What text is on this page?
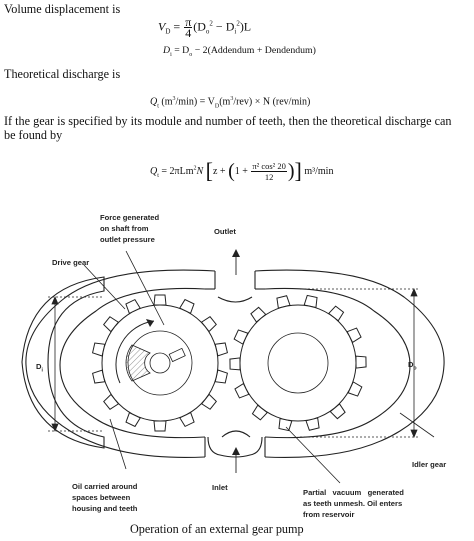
Volume displacement is
$V_D = \frac{\pi}{4} (D_o^2 - D_i^2)L$
$D_i = D_o$ − 2(Addendum + Dendendum)
Theoretical discharge is
$Q_t$ $(m^3/\min) = V_D(m^3/rev) \times N$ (rev/min)
If the gear is specified by its module and number of teeth, then the theoretical discharge can be found by
$Q_t = 2\pi Lm^2N$ [$z + (1 + \frac{\text{π² cos² 20}}{12}$ )] m³/min
Force generated
on shaft from
outlet pressure
Outlet
Drive gear
$D_i$
$D_o$
Idler gear
Oil carried around
spaces between
housing and teeth
Inlet
Partial   vacuum   generated
as teeth unmesh. Oil enters
from reservoir
Operation of an external gear pump
